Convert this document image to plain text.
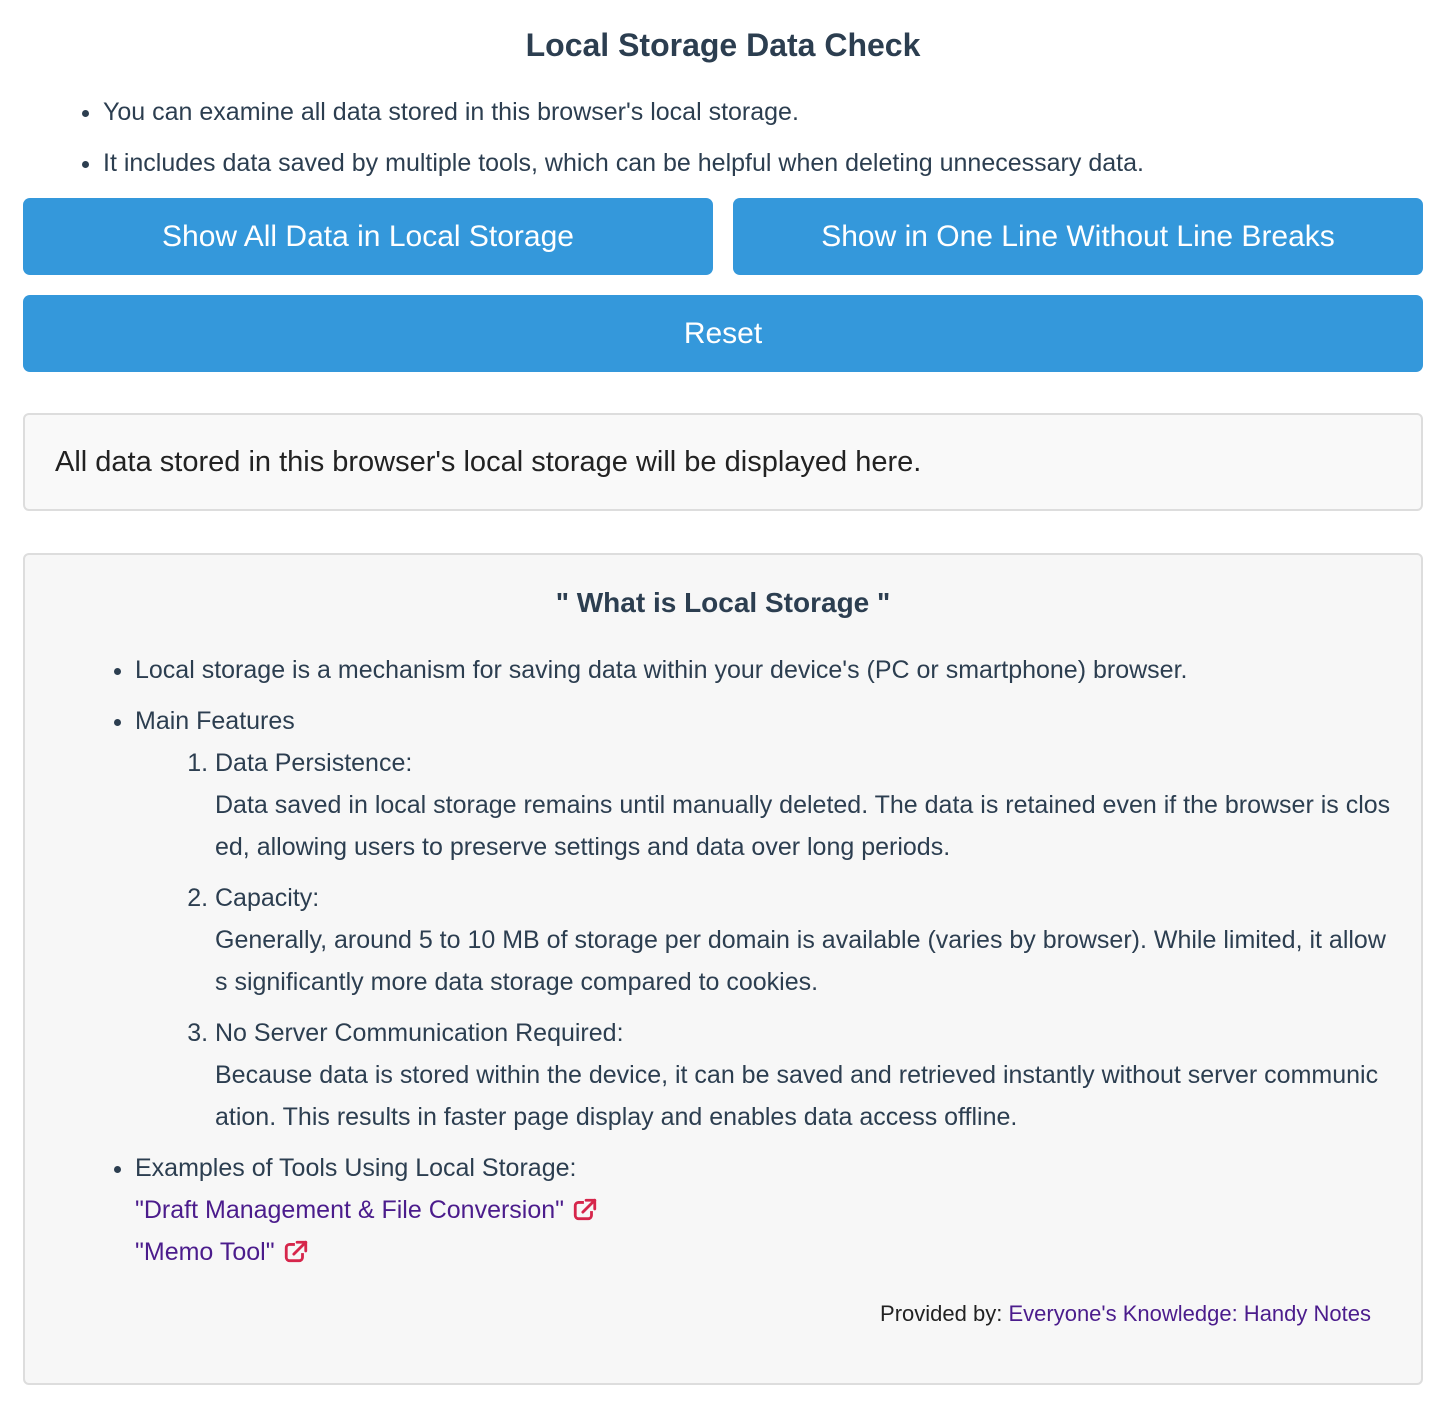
Local Storage Data Check
• You can examine all data stored in this browser's local storage.
• It includes data saved by multiple tools, which can be helpful when deleting unnecessary data.
Show All Data in Local Storage	Show in One Line Without Line Breaks
Reset
All data stored in this browser's local storage will be displayed here.
" What is Local Storage "
• Local storage is a mechanism for saving data within your device's (PC or smartphone) browser.
• Main Features
1. Data Persistence:
Data saved in local storage remains until manually deleted. The data is retained even if the browser is closed, allowing users to preserve settings and data over long periods.
2. Capacity:
Generally, around 5 to 10 MB of storage per domain is available (varies by browser). While limited, it allows significantly more data storage compared to cookies.
3. No Server Communication Required:
Because data is stored within the device, it can be saved and retrieved instantly without server communication. This results in faster page display and enables data access offline.
• Examples of Tools Using Local Storage:

"Draft Management & File Conversion"

"Memo Tool"
Provided by: Everyone's Knowledge: Handy Notes
